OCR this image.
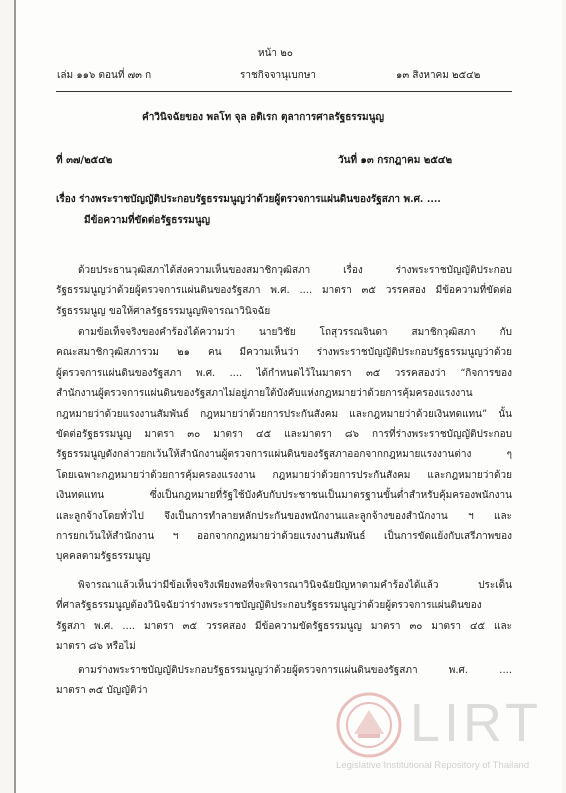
หน้า ๒๐
เล่ม ๑๑๖ ตอนที่ ๗๓ ก	ราชกิจจานุเบกษา	๑๓ สิงหาคม ๒๕๔๒
คำวินิจฉัยของ พลโท จุล อติเรก ตุลาการศาลรัฐธรรมนูญ
ที่ ๓๗/๒๕๔๒	วันที่ ๑๓ กรกฎาคม ๒๕๔๒
เรื่อง ร่างพระราชบัญญัติประกอบรัฐธรรมนูญว่าด้วยผู้ตรวจการแผ่นดินของรัฐสภา พ.ศ. ....
มีข้อความที่ขัดต่อรัฐธรรมนูญ
ด้วยประธานวุฒิสภาได้ส่งความเห็นของสมาชิกวุฒิสภา เรื่อง ร่างพระราชบัญญัติประกอบ
รัฐธรรมนูญว่าด้วยผู้ตรวจการแผ่นดินของรัฐสภา พ.ศ. .... มาตรา ๓๕ วรรคสอง มีข้อความที่ขัดต่อ
รัฐธรรมนูญ ขอให้ศาลรัฐธรรมนูญพิจารณาวินิจฉัย
ตามข้อเท็จจริงของคำร้องได้ความว่า นายวิชัย โถสุวรรณจินดา สมาชิกวุฒิสภา กับ
คณะสมาชิกวุฒิสภารวม ๒๑ คน มีความเห็นว่า ร่างพระราชบัญญัติประกอบรัฐธรรมนูญว่าด้วย
ผู้ตรวจการแผ่นดินของรัฐสภา พ.ศ. .... ได้กำหนดไว้ในมาตรา ๓๕ วรรคสองว่า “กิจการของ
สำนักงานผู้ตรวจการแผ่นดินของรัฐสภาไม่อยู่ภายใต้บังคับแห่งกฎหมายว่าด้วยการคุ้มครองแรงงาน
กฎหมายว่าด้วยแรงงานสัมพันธ์ กฎหมายว่าด้วยการประกันสังคม และกฎหมายว่าด้วยเงินทดแทน” นั้น
ขัดต่อรัฐธรรมนูญ มาตรา ๓๐ มาตรา ๔๕ และมาตรา ๘๖ การที่ร่างพระราชบัญญัติประกอบ
รัฐธรรมนูญดังกล่าวยกเว้นให้สำนักงานผู้ตรวจการแผ่นดินของรัฐสภาออกจากกฎหมายแรงงานต่าง ๆ
โดยเฉพาะกฎหมายว่าด้วยการคุ้มครองแรงงาน กฎหมายว่าด้วยการประกันสังคม และกฎหมายว่าด้วย
เงินทดแทน ซึ่งเป็นกฎหมายที่รัฐใช้บังคับกับประชาชนเป็นมาตรฐานขั้นต่ำสำหรับคุ้มครองพนักงาน
และลูกจ้างโดยทั่วไป จึงเป็นการทำลายหลักประกันของพนักงานและลูกจ้างของสำนักงาน ฯ และ
การยกเว้นให้สำนักงาน ฯ ออกจากกฎหมายว่าด้วยแรงงานสัมพันธ์ เป็นการขัดแย้งกับเสรีภาพของ
บุคคลตามรัฐธรรมนูญ
พิจารณาแล้วเห็นว่ามีข้อเท็จจริงเพียงพอที่จะพิจารณาวินิจฉัยปัญหาตามคำร้องได้แล้ว ประเด็น
ที่ศาลรัฐธรรมนูญต้องวินิจฉัยว่าร่างพระราชบัญญัติประกอบรัฐธรรมนูญว่าด้วยผู้ตรวจการแผ่นดินของ
รัฐสภา พ.ศ. .... มาตรา ๓๕ วรรคสอง มีข้อความขัดรัฐธรรมนูญ มาตรา ๓๐ มาตรา ๔๕ และ
มาตรา ๘๖ หรือไม่
ตามร่างพระราชบัญญัติประกอบรัฐธรรมนูญว่าด้วยผู้ตรวจการแผ่นดินของรัฐสภา พ.ศ. ....
มาตรา ๓๕ บัญญัติว่า
LIRT
Legislative Institutional Repository of Thailand
